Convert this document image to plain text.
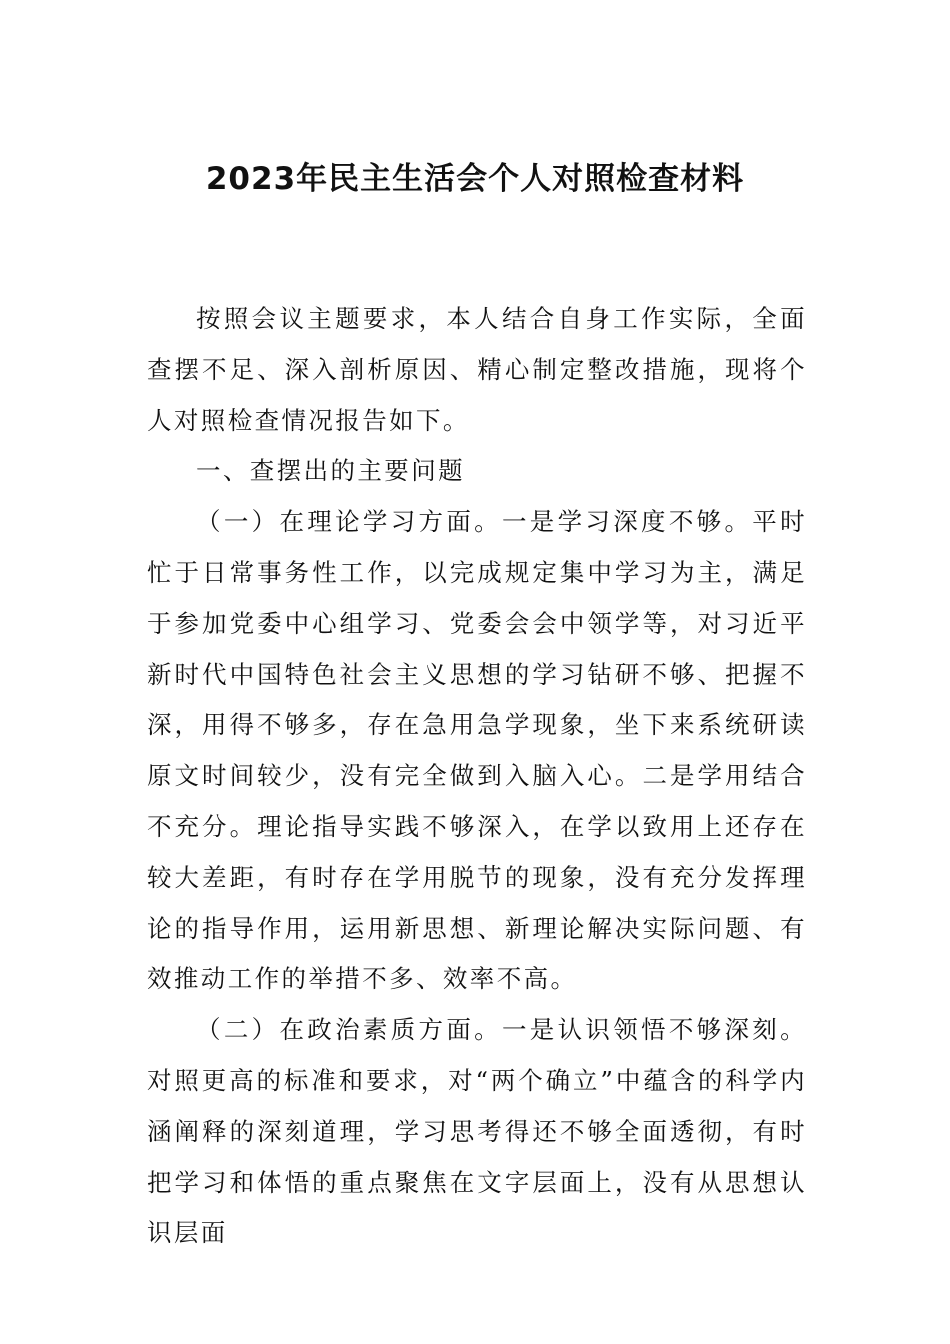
2023年民主生活会个人对照检查材料

按照会议主题要求，本人结合自身工作实际，全面查摆不足、深入剖析原因、精心制定整改措施，现将个人对照检查情况报告如下。

一、查摆出的主要问题

（一）在理论学习方面。一是学习深度不够。平时忙于日常事务性工作，以完成规定集中学习为主，满足于参加党委中心组学习、党委会会中领学等，对习近平新时代中国特色社会主义思想的学习钻研不够、把握不深，用得不够多，存在急用急学现象，坐下来系统研读原文时间较少，没有完全做到入脑入心。二是学用结合不充分。理论指导实践不够深入，在学以致用上还存在较大差距，有时存在学用脱节的现象，没有充分发挥理论的指导作用，运用新思想、新理论解决实际问题、有效推动工作的举措不多、效率不高。

（二）在政治素质方面。一是认识领悟不够深刻。对照更高的标准和要求，对“两个确立”中蕴含的科学内涵阐释的深刻道理，学习思考得还不够全面透彻，有时把学习和体悟的重点聚焦在文字层面上，没有从思想认识层面
